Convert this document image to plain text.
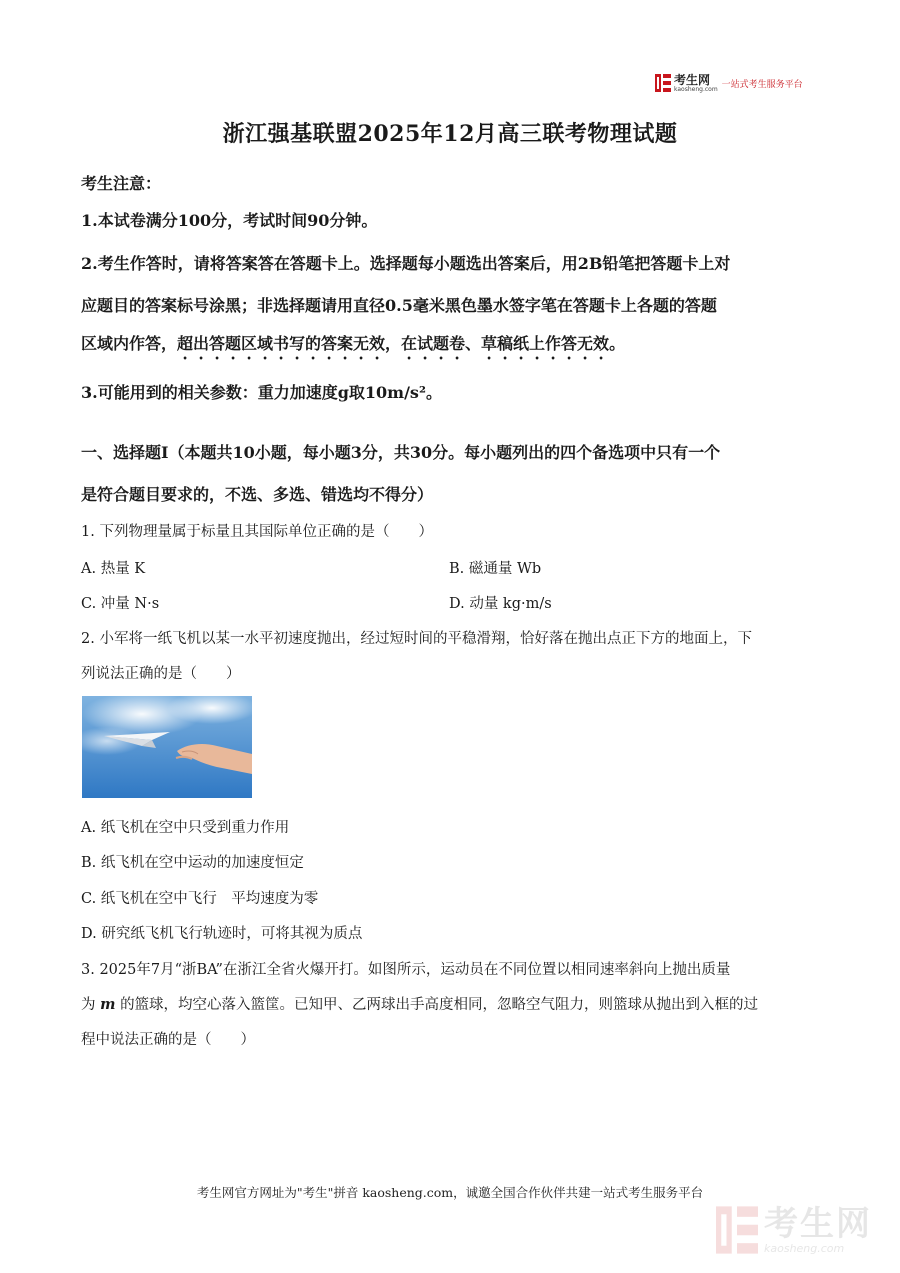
考生网
kaosheng.com 一站式考生服务平台
浙江强基联盟2025年12月高三联考物理试题
考生注意：
1.本试卷满分100分，考试时间90分钟。
2.考生作答时，请将答案答在答题卡上。选择题每小题选出答案后，用2B铅笔把答题卡上对
应题目的答案标号涂黑；非选择题请用直径0.5毫米黑色墨水签字笔在答题卡上各题的答题
区域内作答，超出答题区域书写的答案无效，在试题卷、草稿纸上作答无效。
3.可能用到的相关参数：重力加速度g取10m/s²。
一、选择题Ⅰ（本题共10小题，每小题3分，共30分。每小题列出的四个备选项中只有一个
是符合题目要求的，不选、多选、错选均不得分）
1. 下列物理量属于标量且其国际单位正确的是（　　）
A. 热量 K	B. 磁通量 Wb
C. 冲量 N·s	D. 动量 kg·m/s
2. 小军将一纸飞机以某一水平初速度抛出，经过短时间的平稳滑翔，恰好落在抛出点正下方的地面上，下
列说法正确的是（　　）
A. 纸飞机在空中只受到重力作用
B. 纸飞机在空中运动的加速度恒定
C. 纸飞机在空中飞行　平均速度为零
D. 研究纸飞机飞行轨迹时，可将其视为质点
3. 2025年7月“浙BA”在浙江全省火爆开打。如图所示，运动员在不同位置以相同速率斜向上抛出质量
为 m 的篮球，均空心落入篮筐。已知甲、乙两球出手高度相同，忽略空气阻力，则篮球从抛出到入框的过
程中说法正确的是（　　）
考生网官方网址为"考生"拼音 kaosheng.com，诚邀全国合作伙伴共建一站式考生服务平台
考生网
kaosheng.com
